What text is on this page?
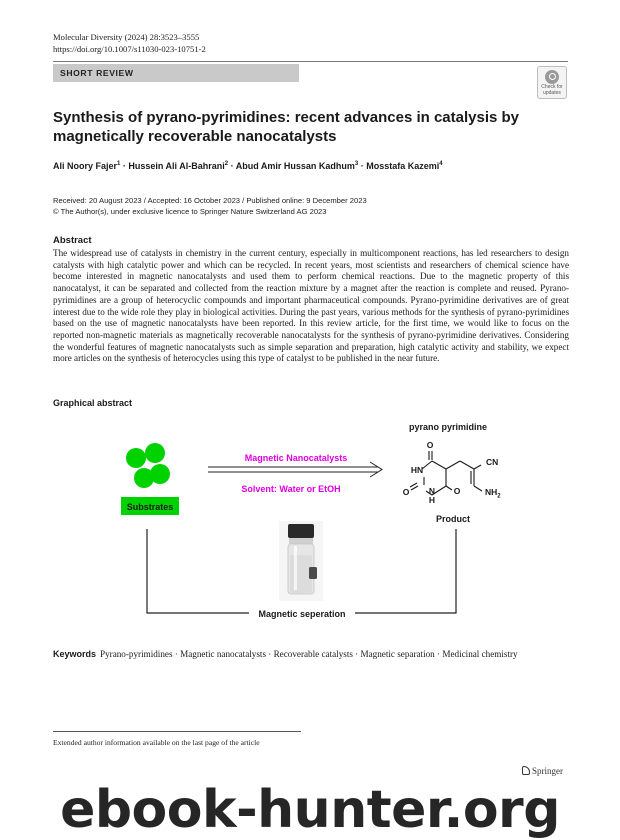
Molecular Diversity (2024) 28:3523–3555
https://doi.org/10.1007/s11030-023-10751-2
SHORT REVIEW
Check for
updates
Synthesis of pyrano-pyrimidines: recent advances in catalysis by magnetically recoverable nanocatalysts
Ali Noory Fajer$^1$ · Hussein Ali Al-Bahrani$^2$ · Abud Amir Hussan Kadhum$^3$ · Mosstafa Kazemi$^4$
Received: 20 August 2023 / Accepted: 16 October 2023 / Published online: 9 December 2023
© The Author(s), under exclusive licence to Springer Nature Switzerland AG 2023
Abstract
The widespread use of catalysts in chemistry in the current century, especially in multicomponent reactions, has led researchers to design catalysts with high catalytic power and which can be recycled. In recent years, most scientists and researchers of chemical science have become interested in magnetic nanocatalysts and used them to perform chemical reactions. Due to the magnetic property of this nanocatalyst, it can be separated and collected from the reaction mixture by a magnet after the reaction is complete and reused. Pyrano-pyrimidines are a group of heterocyclic compounds and important pharmaceutical compounds. Pyrano-pyrimidine derivatives are of great interest due to the wide role they play in biological activities. During the past years, various methods for the synthesis of pyrano-pyrimidines based on the use of magnetic nanocatalysts have been reported. In this review article, for the first time, we would like to focus on the reported non-magnetic materials as magnetically recoverable nanocatalysts for the synthesis of pyrano-pyrimidine derivatives. Considering the wonderful features of magnetic nanocatalysts such as simple separation and preparation, high catalytic activity and stability, we expect more articles on the synthesis of heterocycles using this type of catalyst to be published in the near future.
Graphical abstract
Substrates
Magnetic Nanocatalysts
Solvent: Water or EtOH
pyrano pyrimidine
O
HN
O N
H
O
CN
$NH_2$
Product
Magnetic seperation
Keywords Pyrano-pyrimidines · Magnetic nanocatalysts · Recoverable catalysts · Magnetic separation · Medicinal chemistry
Extended author information available on the last page of the article
Springer
ebook-hunter.org
